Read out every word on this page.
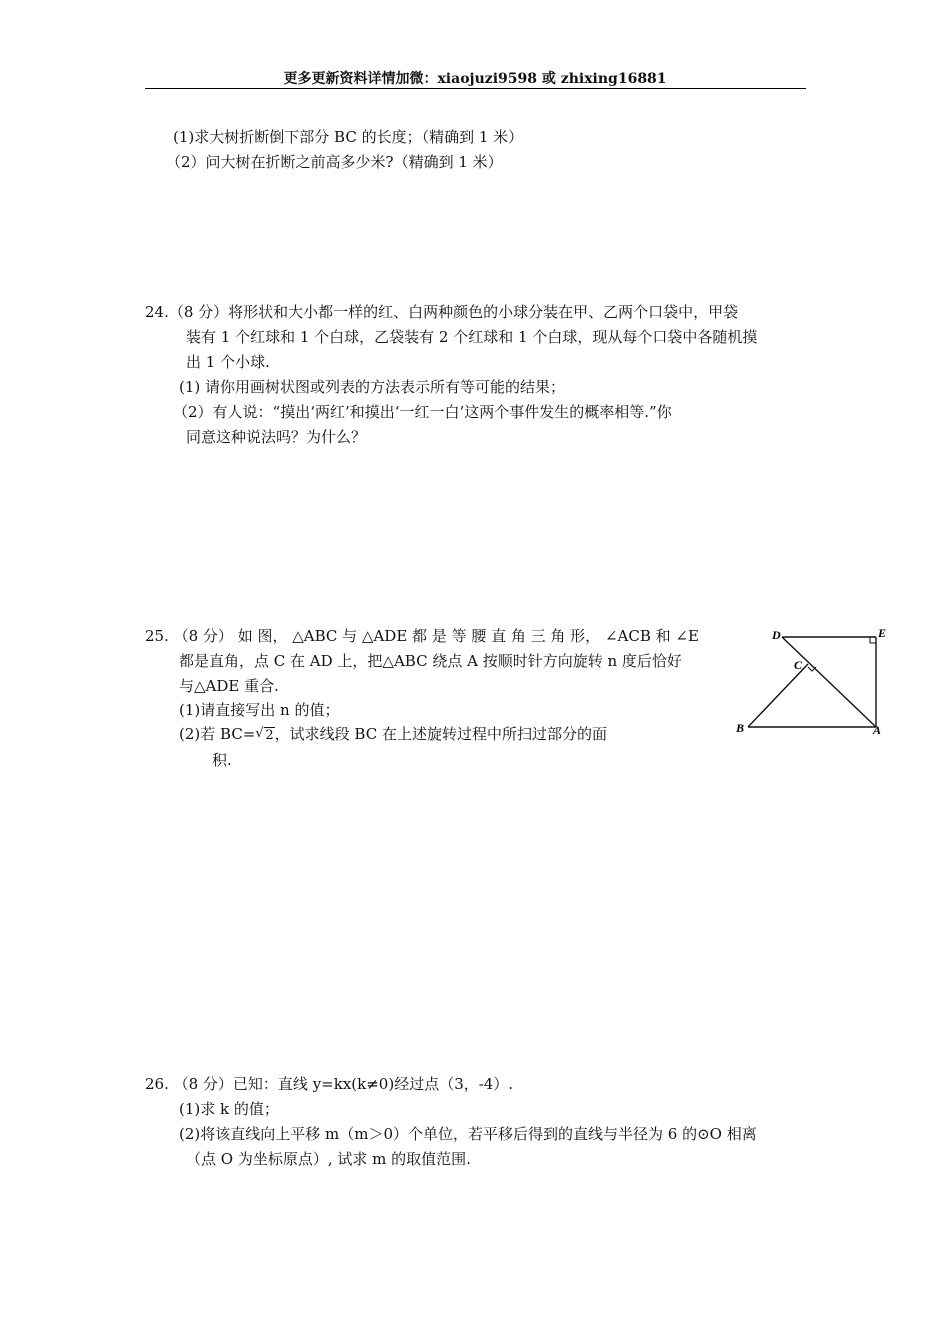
更多更新资料详情加微：xiaojuzi9598 或 zhixing16881
(1)求大树折断倒下部分 BC 的长度；（精确到 1 米）
（2）问大树在折断之前高多少米?（精确到 1 米）
24.（8 分）将形状和大小都一样的红、白两种颜色的小球分装在甲、乙两个口袋中，甲袋
装有 1 个红球和 1 个白球，乙袋装有 2 个红球和 1 个白球，现从每个口袋中各随机摸
出 1 个小球.
(1) 请你用画树状图或列表的方法表示所有等可能的结果；
（2）有人说：“摸出‘两红’和摸出‘一红一白’这两个事件发生的概率相等.”你
同意这种说法吗？为什么？
25. （8 分） 如 图， △ABC 与 △ADE 都 是 等 腰 直 角 三 角 形， ∠ACB 和 ∠E
都是直角，点 C 在 AD 上，把△ABC 绕点 A 按顺时针方向旋转 n 度后恰好
与△ADE 重合.
(1)请直接写出 n 的值；
(2)若 BC=√ 2，试求线段 BC 在上述旋转过程中所扫过部分的面
积.
D	E
C
B	A
26. （8 分）已知：直线 y=kx(k≠0)经过点（3，-4）.
(1)求 k 的值；
(2)将该直线向上平移 m（m＞0）个单位，若平移后得到的直线与半径为 6 的⊙O 相离
（点 O 为坐标原点）, 试求 m 的取值范围.
